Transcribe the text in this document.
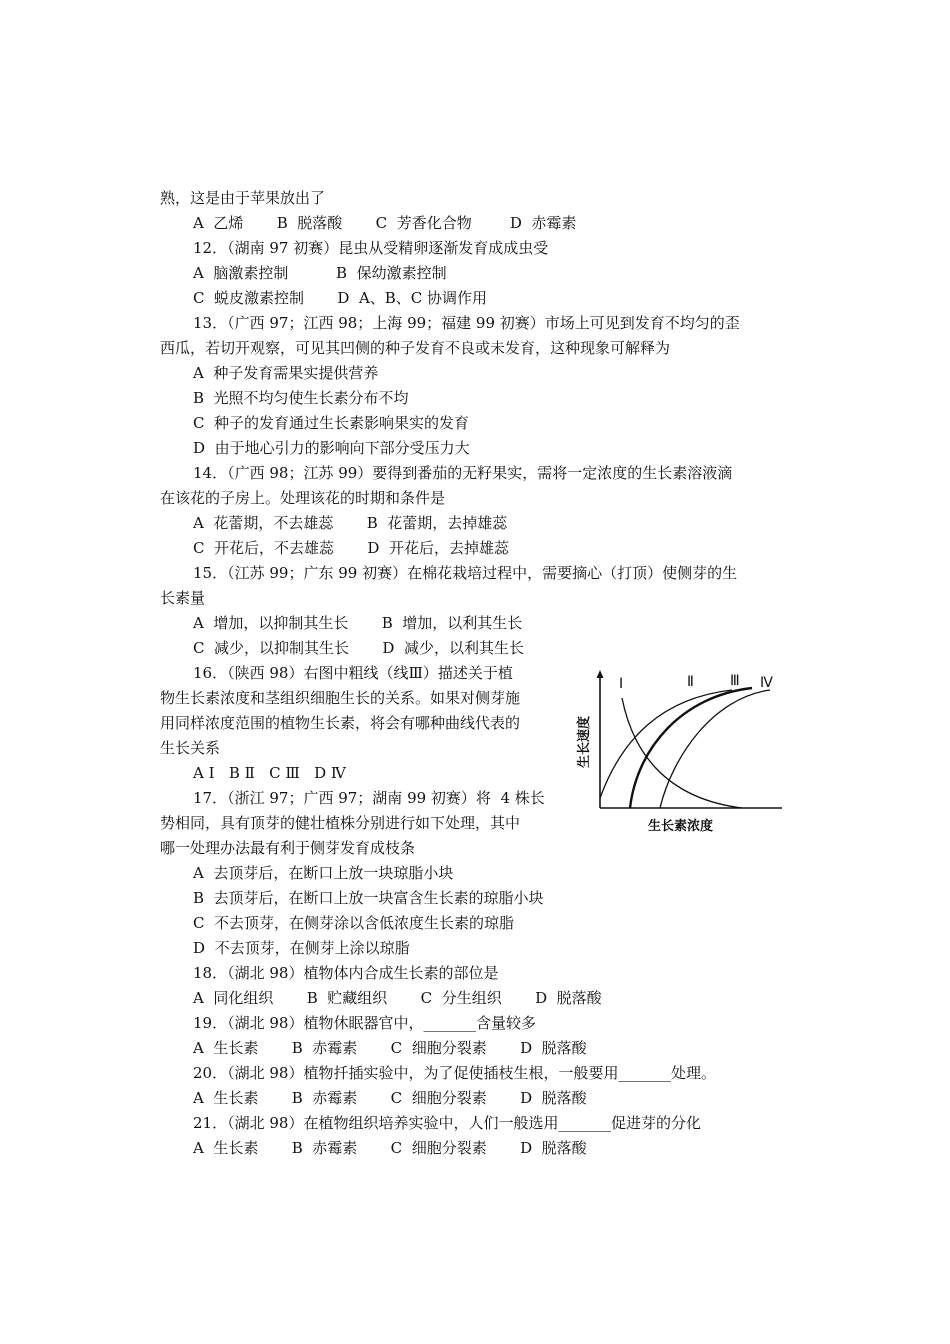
熟，这是由于苹果放出了
A  乙烯       B  脱落酸       C  芳香化合物        D  赤霉素
12．（湖南 97 初赛）昆虫从受精卵逐渐发育成成虫受
A  脑激素控制          B  保幼激素控制
C  蜕皮激素控制       D  A、B、C 协调作用
13．（广西 97；江西 98；上海 99；福建 99 初赛）市场上可见到发育不均匀的歪
西瓜，若切开观察，可见其凹侧的种子发育不良或未发育，这种现象可解释为
A  种子发育需果实提供营养
B  光照不均匀使生长素分布不均
C  种子的发育通过生长素影响果实的发育
D  由于地心引力的影响向下部分受压力大
14．（广西 98；江苏 99）要得到番茄的无籽果实，需将一定浓度的生长素溶液滴
在该花的子房上。处理该花的时期和条件是
A  花蕾期，不去雄蕊       B  花蕾期，去掉雄蕊
C  开花后，不去雄蕊       D  开花后，去掉雄蕊
15．（江苏 99；广东 99 初赛）在棉花栽培过程中，需要摘心（打顶）使侧芽的生
长素量
A  增加，以抑制其生长       B  增加，以利其生长
C  减少，以抑制其生长       D  减少，以利其生长
16．（陕西 98）右图中粗线（线Ⅲ）描述关于植
物生长素浓度和茎组织细胞生长的关系。如果对侧芽施
用同样浓度范围的植物生长素，将会有哪种曲线代表的
生长关系
A Ⅰ   B Ⅱ   C Ⅲ   D Ⅳ
17．（浙江 97；广西 97；湖南 99 初赛）将  4 株长
势相同，具有顶芽的健壮植株分别进行如下处理，其中
哪一处理办法最有利于侧芽发育成枝条
A  去顶芽后，在断口上放一块琼脂小块
B  去顶芽后，在断口上放一块富含生长素的琼脂小块
C  不去顶芽，在侧芽涂以含低浓度生长素的琼脂
D  不去顶芽，在侧芽上涂以琼脂
18．（湖北 98）植物体内合成生长素的部位是
A  同化组织       B  贮藏组织       C  分生组织       D  脱落酸
19．（湖北 98）植物休眠器官中，_______含量较多
A  生长素       B  赤霉素       C  细胞分裂素       D  脱落酸
20．（湖北 98）植物扦插实验中，为了促使插枝生根，一般要用_______处理。
A  生长素       B  赤霉素       C  细胞分裂素       D  脱落酸
21．（湖北 98）在植物组织培养实验中，人们一般选用_______促进芽的分化
A  生长素       B  赤霉素       C  细胞分裂素       D  脱落酸
Ⅰ	Ⅱ	Ⅲ Ⅳ
生长速度
生长素浓度
